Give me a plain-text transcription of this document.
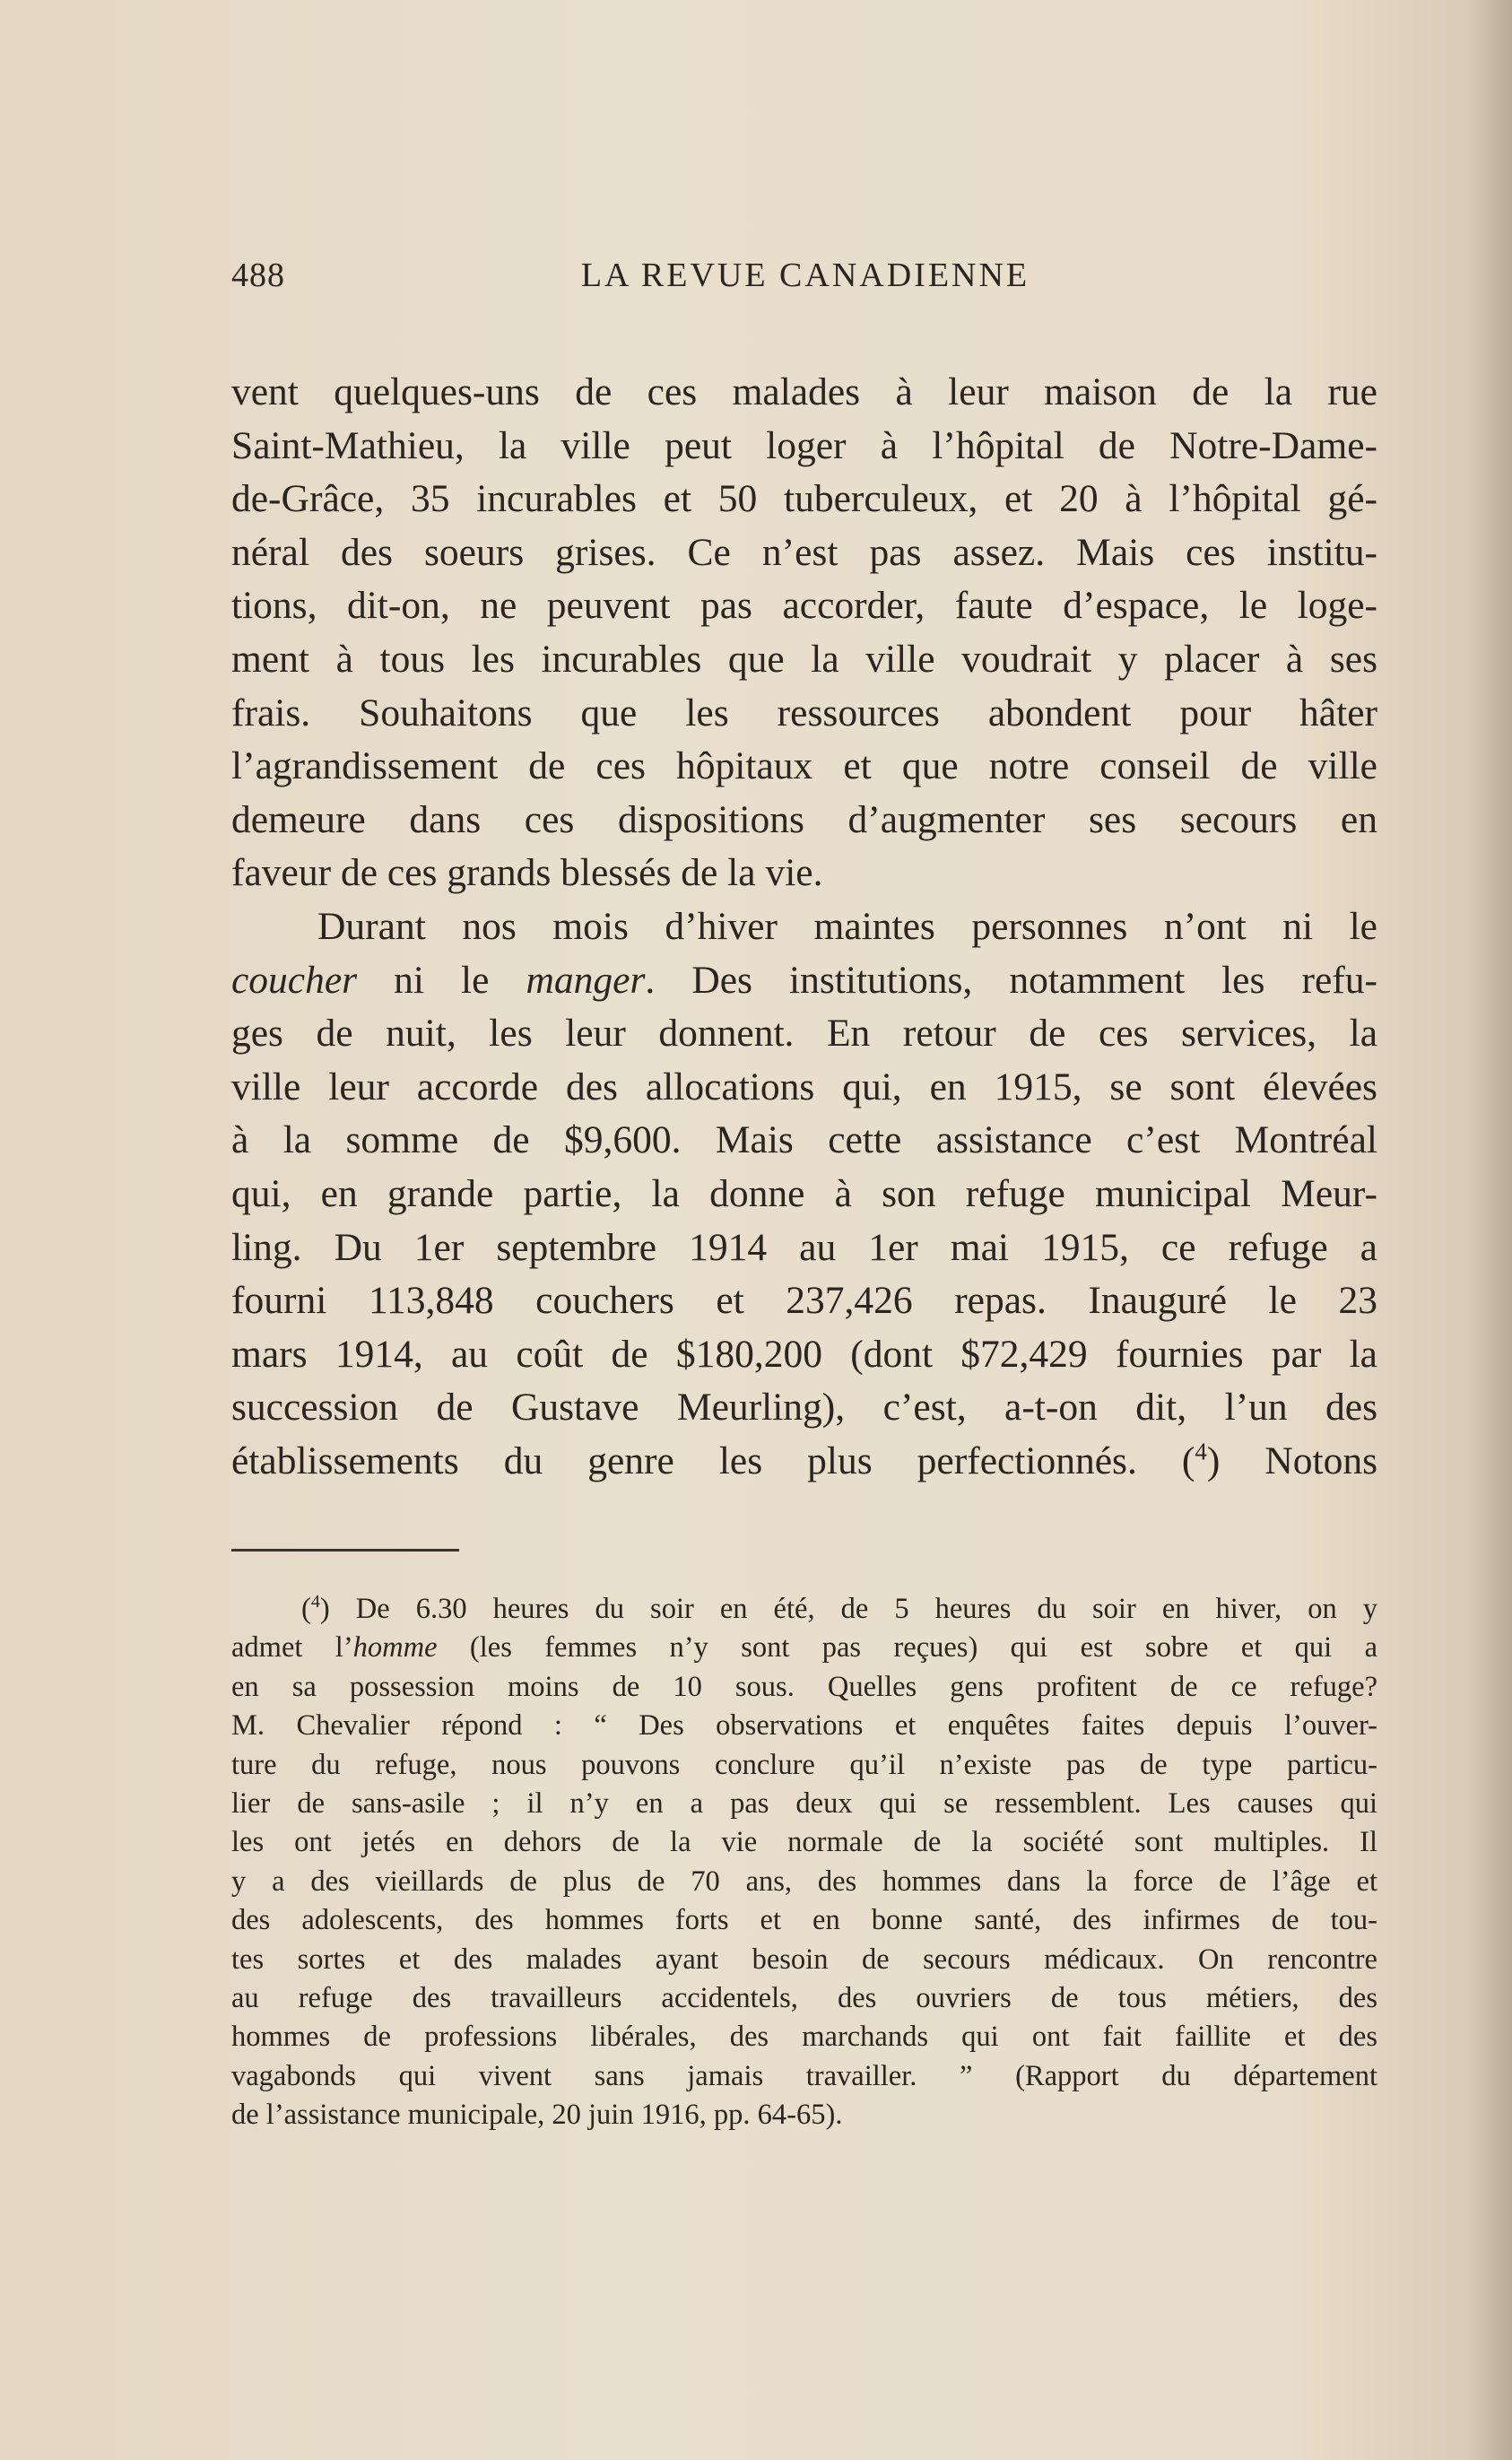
488	LA REVUE CANADIENNE

vent quelques-uns de ces malades à leur maison de la rue

Saint-Mathieu, la ville peut loger à l’hôpital de Notre-Dame-

de-Grâce, 35 incurables et 50 tuberculeux, et 20 à l’hôpital gé-

néral des soeurs grises. Ce n’est pas assez. Mais ces institu-

tions, dit-on, ne peuvent pas accorder, faute d’espace, le loge-

ment à tous les incurables que la ville voudrait y placer à ses

frais. Souhaitons que les ressources abondent pour hâter

l’agrandissement de ces hôpitaux et que notre conseil de ville

demeure dans ces dispositions d’augmenter ses secours en

faveur de ces grands blessés de la vie.

Durant nos mois d’hiver maintes personnes n’ont ni le

coucher ni le manger. Des institutions, notamment les refu-

ges de nuit, les leur donnent. En retour de ces services, la

ville leur accorde des allocations qui, en 1915, se sont élevées

à la somme de $9,600. Mais cette assistance c’est Montréal

qui, en grande partie, la donne à son refuge municipal Meur-

ling. Du 1er septembre 1914 au 1er mai 1915, ce refuge a

fourni 113,848 couchers et 237,426 repas. Inauguré le 23

mars 1914, au coût de $180,200 (dont $72,429 fournies par la

succession de Gustave Meurling), c’est, a-t-on dit, l’un des

établissements du genre les plus perfectionnés. ($^4$) Notons

($^4$) De 6.30 heures du soir en été, de 5 heures du soir en hiver, on y

admet l’homme (les femmes n’y sont pas reçues) qui est sobre et qui a

en sa possession moins de 10 sous. Quelles gens profitent de ce refuge?

M. Chevalier répond : “ Des observations et enquêtes faites depuis l’ouver-

ture du refuge, nous pouvons conclure qu’il n’existe pas de type particu-

lier de sans-asile ; il n’y en a pas deux qui se ressemblent. Les causes qui

les ont jetés en dehors de la vie normale de la société sont multiples. Il

y a des vieillards de plus de 70 ans, des hommes dans la force de l’âge et

des adolescents, des hommes forts et en bonne santé, des infirmes de tou-

tes sortes et des malades ayant besoin de secours médicaux. On rencontre

au refuge des travailleurs accidentels, des ouvriers de tous métiers, des

hommes de professions libérales, des marchands qui ont fait faillite et des

vagabonds qui vivent sans jamais travailler. ” (Rapport du département

de l’assistance municipale, 20 juin 1916, pp. 64-65).
